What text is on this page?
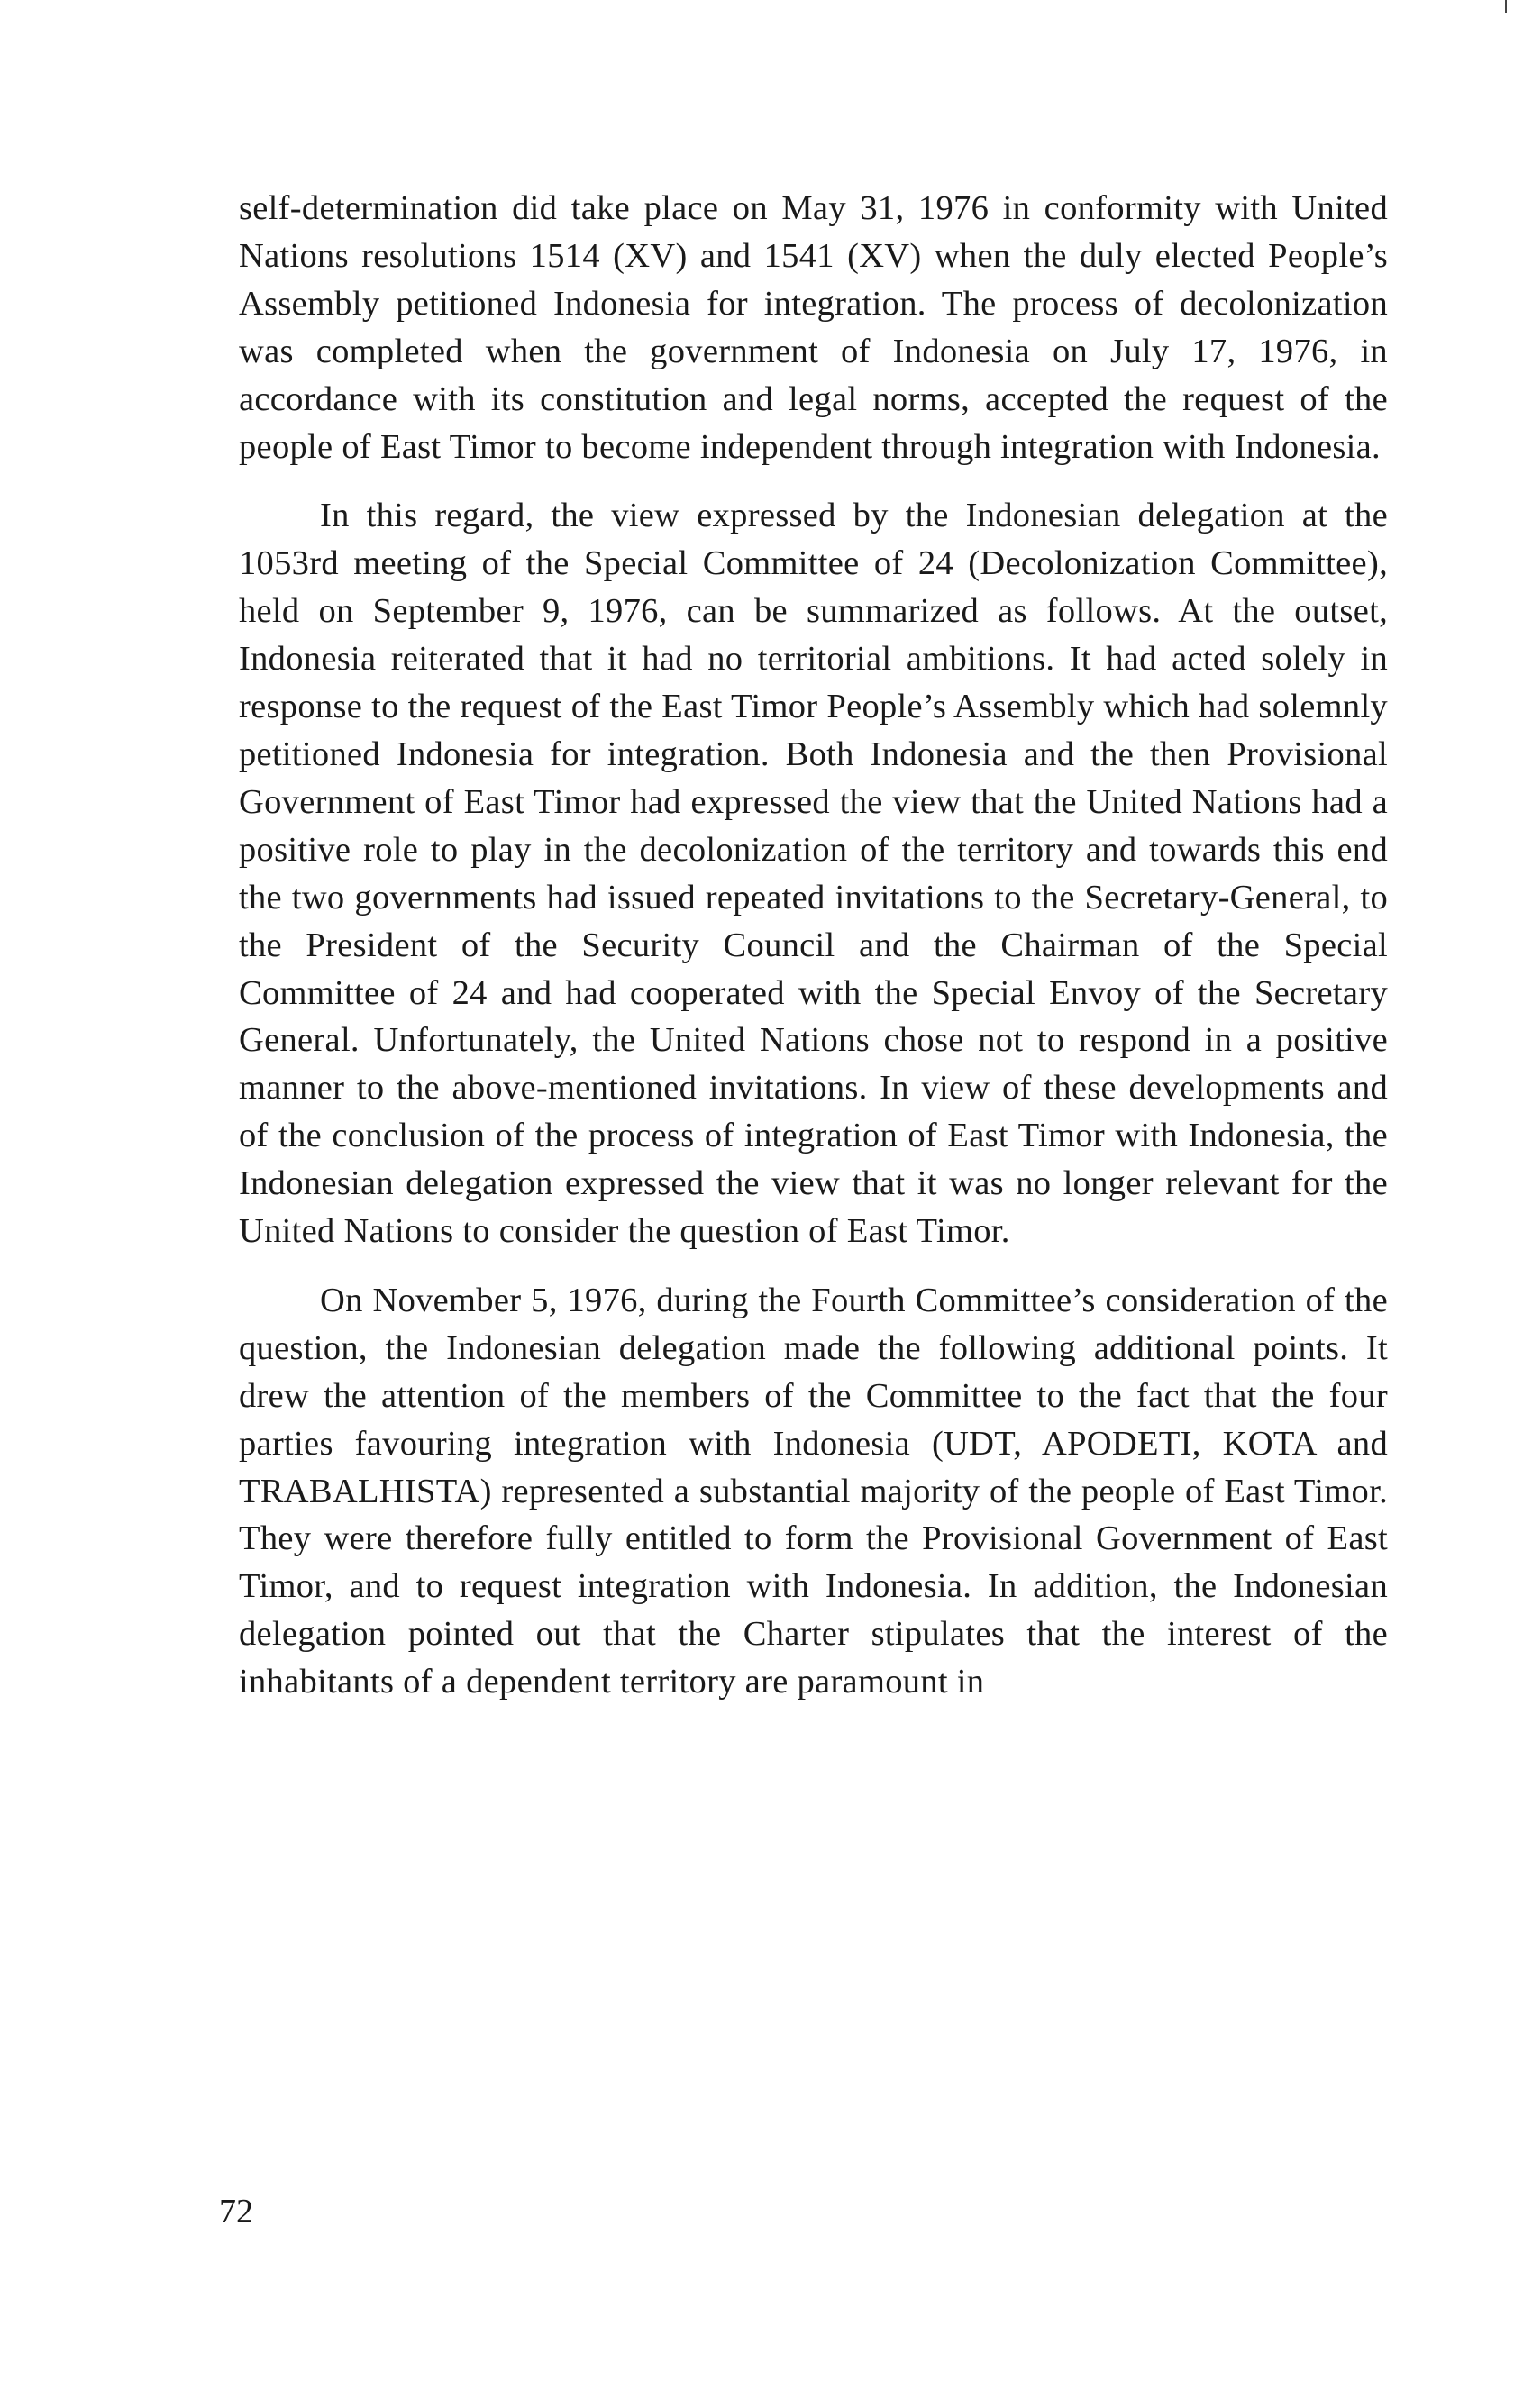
self-determination did take place on May 31, 1976 in conformity with United Nations resolutions 1514 (XV) and 1541 (XV) when the duly elected People’s Assembly petitioned Indonesia for integration. The process of decolonization was completed when the government of Indonesia on July 17, 1976, in accordance with its constitution and legal norms, accepted the request of the people of East Timor to become independent through integration with Indonesia.

In this regard, the view expressed by the Indonesian delegation at the 1053rd meeting of the Special Committee of 24 (Decolonization Committee), held on September 9, 1976, can be summarized as follows. At the outset, Indonesia reiterated that it had no territorial ambitions. It had acted solely in response to the request of the East Timor People’s Assembly which had solemnly petitioned Indonesia for integration. Both Indonesia and the then Provisional Government of East Timor had expressed the view that the United Nations had a positive role to play in the decolonization of the territory and towards this end the two governments had issued repeated invitations to the Secretary-General, to the President of the Security Council and the Chairman of the Special Committee of 24 and had cooperated with the Special Envoy of the Secretary General. Unfortunately, the United Nations chose not to respond in a positive manner to the above-mentioned invitations. In view of these developments and of the conclusion of the process of integration of East Timor with Indonesia, the Indonesian delegation expressed the view that it was no longer relevant for the United Nations to consider the question of East Timor.

On November 5, 1976, during the Fourth Committee’s consideration of the question, the Indonesian delegation made the following additional points. It drew the attention of the members of the Committee to the fact that the four parties favouring integration with Indonesia (UDT, APODETI, KOTA and TRABALHISTA) represented a substantial majority of the people of East Timor. They were therefore fully entitled to form the Provisional Government of East Timor, and to request integration with Indonesia. In addition, the Indonesian delegation pointed out that the Charter stipulates that the interest of the inhabitants of a dependent territory are paramount in

72
